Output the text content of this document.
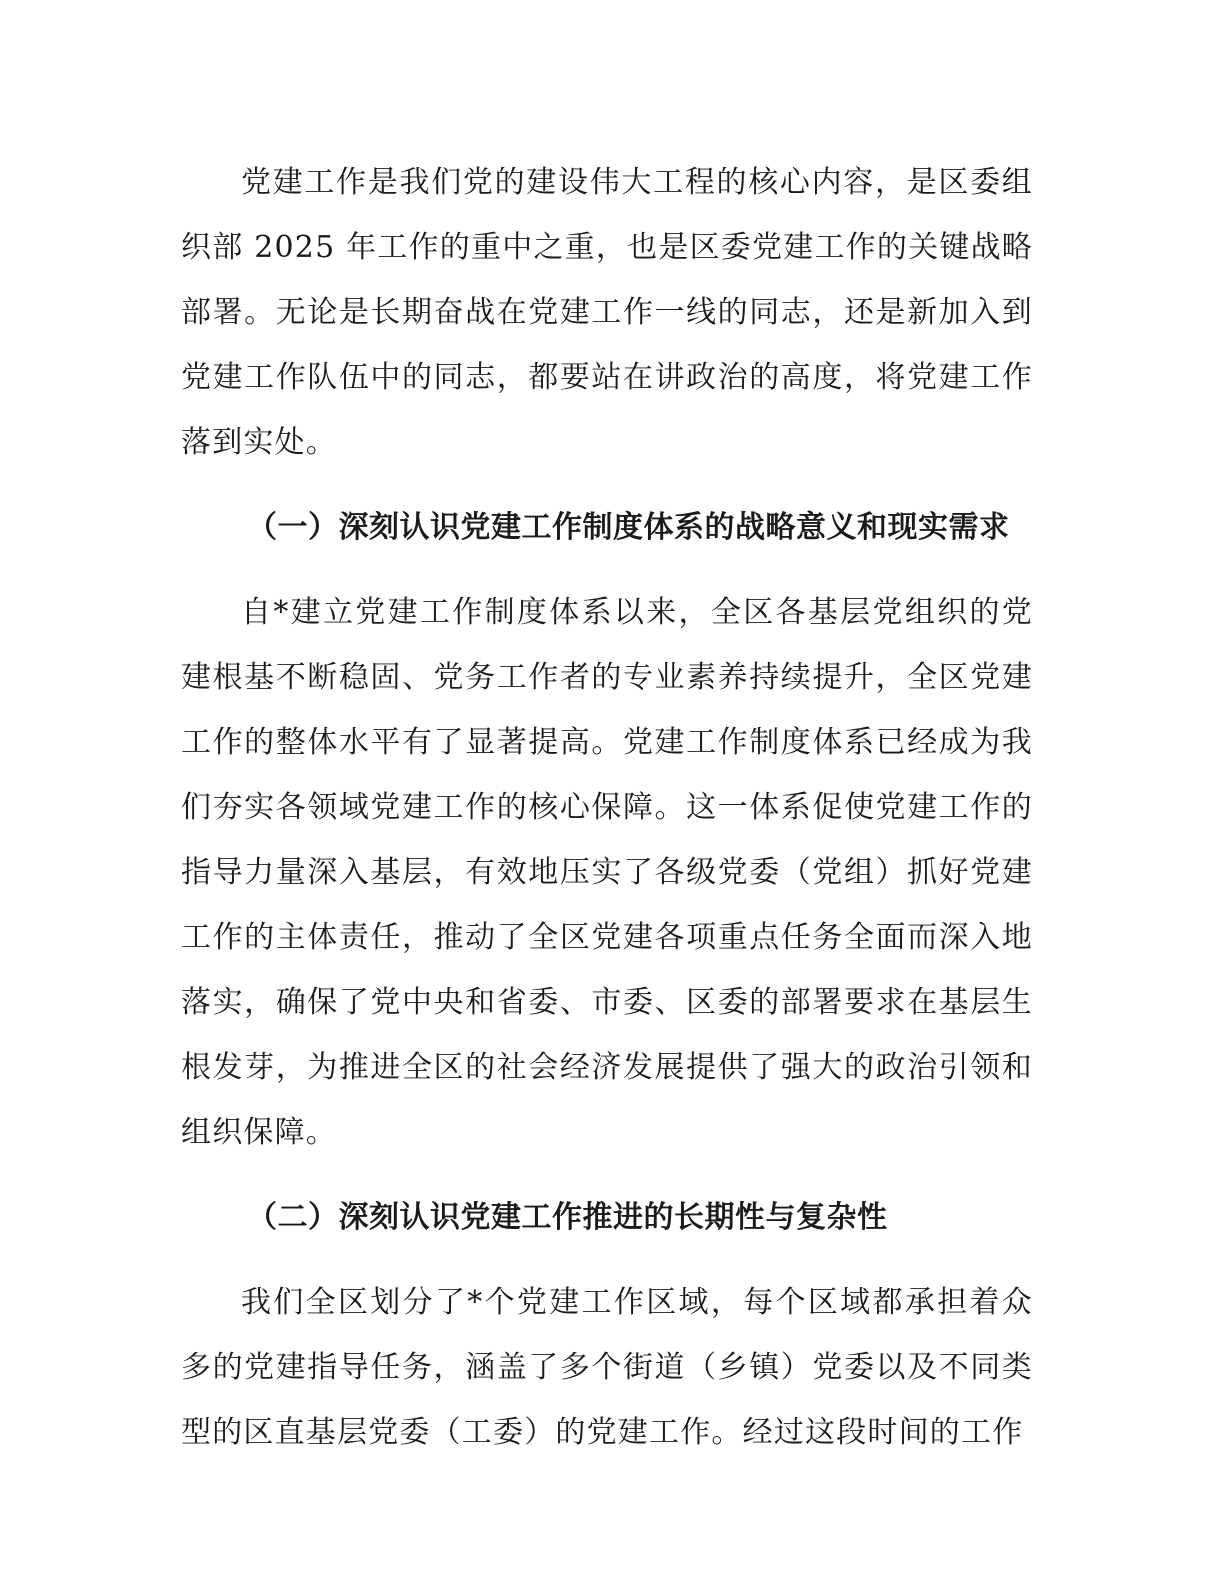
党建工作是我们党的建设伟大工程的核心内容，是区委组织部 2025 年工作的重中之重，也是区委党建工作的关键战略部署。无论是长期奋战在党建工作一线的同志，还是新加入到党建工作队伍中的同志，都要站在讲政治的高度，将党建工作落到实处。

（一）深刻认识党建工作制度体系的战略意义和现实需求

自*建立党建工作制度体系以来，全区各基层党组织的党建根基不断稳固、党务工作者的专业素养持续提升，全区党建工作的整体水平有了显著提高。党建工作制度体系已经成为我们夯实各领域党建工作的核心保障。这一体系促使党建工作的指导力量深入基层，有效地压实了各级党委（党组）抓好党建工作的主体责任，推动了全区党建各项重点任务全面而深入地落实，确保了党中央和省委、市委、区委的部署要求在基层生根发芽，为推进全区的社会经济发展提供了强大的政治引领和组织保障。

（二）深刻认识党建工作推进的长期性与复杂性

我们全区划分了*个党建工作区域，每个区域都承担着众多的党建指导任务，涵盖了多个街道（乡镇）党委以及不同类型的区直基层党委（工委）的党建工作。经过这段时间的工作
